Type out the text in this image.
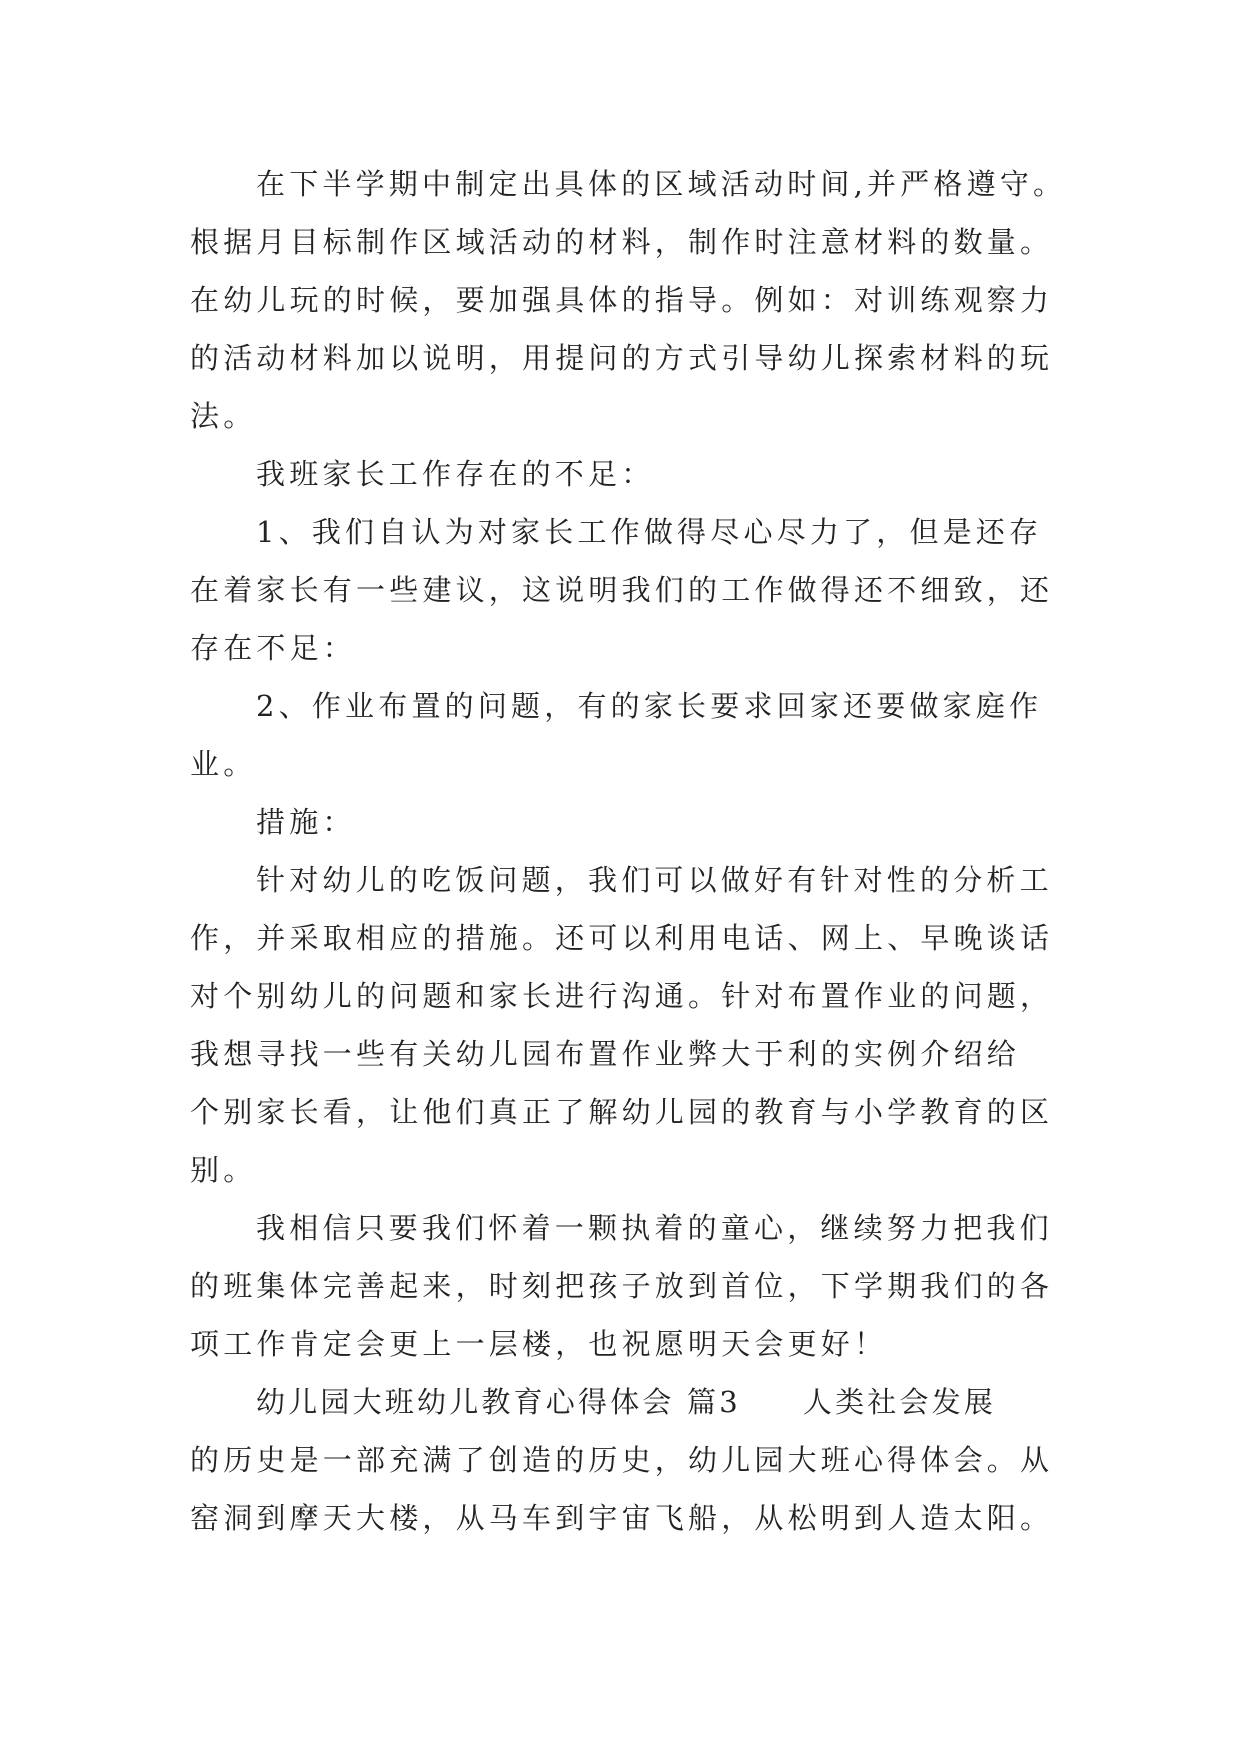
在下半学期中制定出具体的区域活动时间,并严格遵守。
根据月目标制作区域活动的材料，制作时注意材料的数量。
在幼儿玩的时候，要加强具体的指导。例如：对训练观察力
的活动材料加以说明，用提问的方式引导幼儿探索材料的玩
法。
我班家长工作存在的不足：
1、我们自认为对家长工作做得尽心尽力了，但是还存
在着家长有一些建议，这说明我们的工作做得还不细致，还
存在不足：
2、作业布置的问题，有的家长要求回家还要做家庭作
业。
措施：
针对幼儿的吃饭问题，我们可以做好有针对性的分析工
作，并采取相应的措施。还可以利用电话、网上、早晚谈话
对个别幼儿的问题和家长进行沟通。针对布置作业的问题，
我想寻找一些有关幼儿园布置作业弊大于利的实例介绍给
个别家长看，让他们真正了解幼儿园的教育与小学教育的区
别。
我相信只要我们怀着一颗执着的童心，继续努力把我们
的班集体完善起来，时刻把孩子放到首位，下学期我们的各
项工作肯定会更上一层楼，也祝愿明天会更好！
幼儿园大班幼儿教育心得体会 篇3 人类社会发展
的历史是一部充满了创造的历史，幼儿园大班心得体会。从
窑洞到摩天大楼，从马车到宇宙飞船，从松明到人造太阳。
